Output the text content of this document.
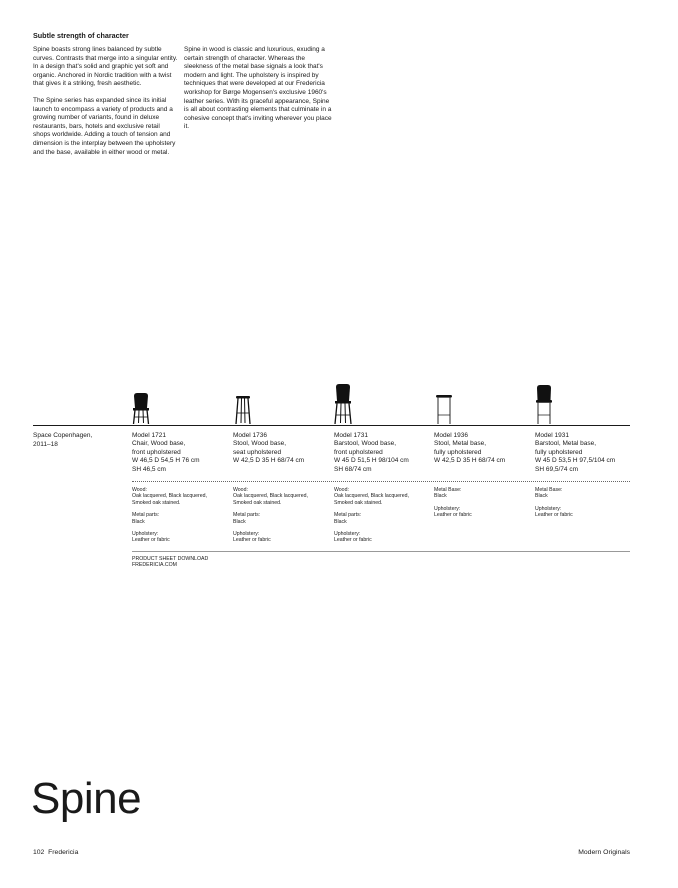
Subtle strength of character

Spine boasts strong lines balanced by subtle curves. Contrasts that merge into a singular entity. In a design that's solid and graphic yet soft and organic. Anchored in Nordic tradition with a twist that gives it a striking, fresh aesthetic.

The Spine series has expanded since its initial launch to encompass a variety of products and a growing number of variants, found in deluxe restaurants, bars, hotels and exclusive retail shops worldwide. Adding a touch of tension and dimension is the interplay between the upholstery and the base, available in either wood or metal.

Spine in wood is classic and luxurious, exuding a certain strength of character. Whereas the sleekness of the metal base signals a look that's modern and light. The upholstery is inspired by techniques that were developed at our Fredericia workshop for Børge Mogensen's exclusive 1960's leather series. With its graceful appearance, Spine is all about contrasting elements that culminate in a cohesive concept that's inviting wherever you place it.

Space Copenhagen,
2011–18
Model 1721
Chair, Wood base,
front upholstered
W 46,5 D 54,5 H 76 cm
SH 46,5 cm
Model 1736
Stool, Wood base,
seat upholstered
W 42,5 D 35 H 68/74 cm
Model 1731
Barstool, Wood base,
front upholstered
W 45 D 51,5 H 98/104 cm
SH 68/74 cm
Model 1936
Stool, Metal base,
fully upholstered
W 42,5 D 35 H 68/74 cm
Model 1931
Barstool, Metal base,
fully upholstered
W 45 D 53,5 H 97,5/104 cm
SH 69,5/74 cm
Wood:
Oak lacquered, Black lacquered,
Smoked oak stained.
Metal parts:
Black
Upholstery:
Leather or fabric
Wood:
Oak lacquered, Black lacquered,
Smoked oak stained.
Metal parts:
Black
Upholstery:
Leather or fabric
Wood:
Oak lacquered, Black lacquered,
Smoked oak stained.
Metal parts:
Black
Upholstery:
Leather or fabric
Metal Base:
Black
Upholstery:
Leather or fabric
Metal Base:
Black
Upholstery:
Leather or fabric
PRODUCT SHEET DOWNLOAD
FREDERICIA.COM
Spine
102 Fredericia	Modern Originals
